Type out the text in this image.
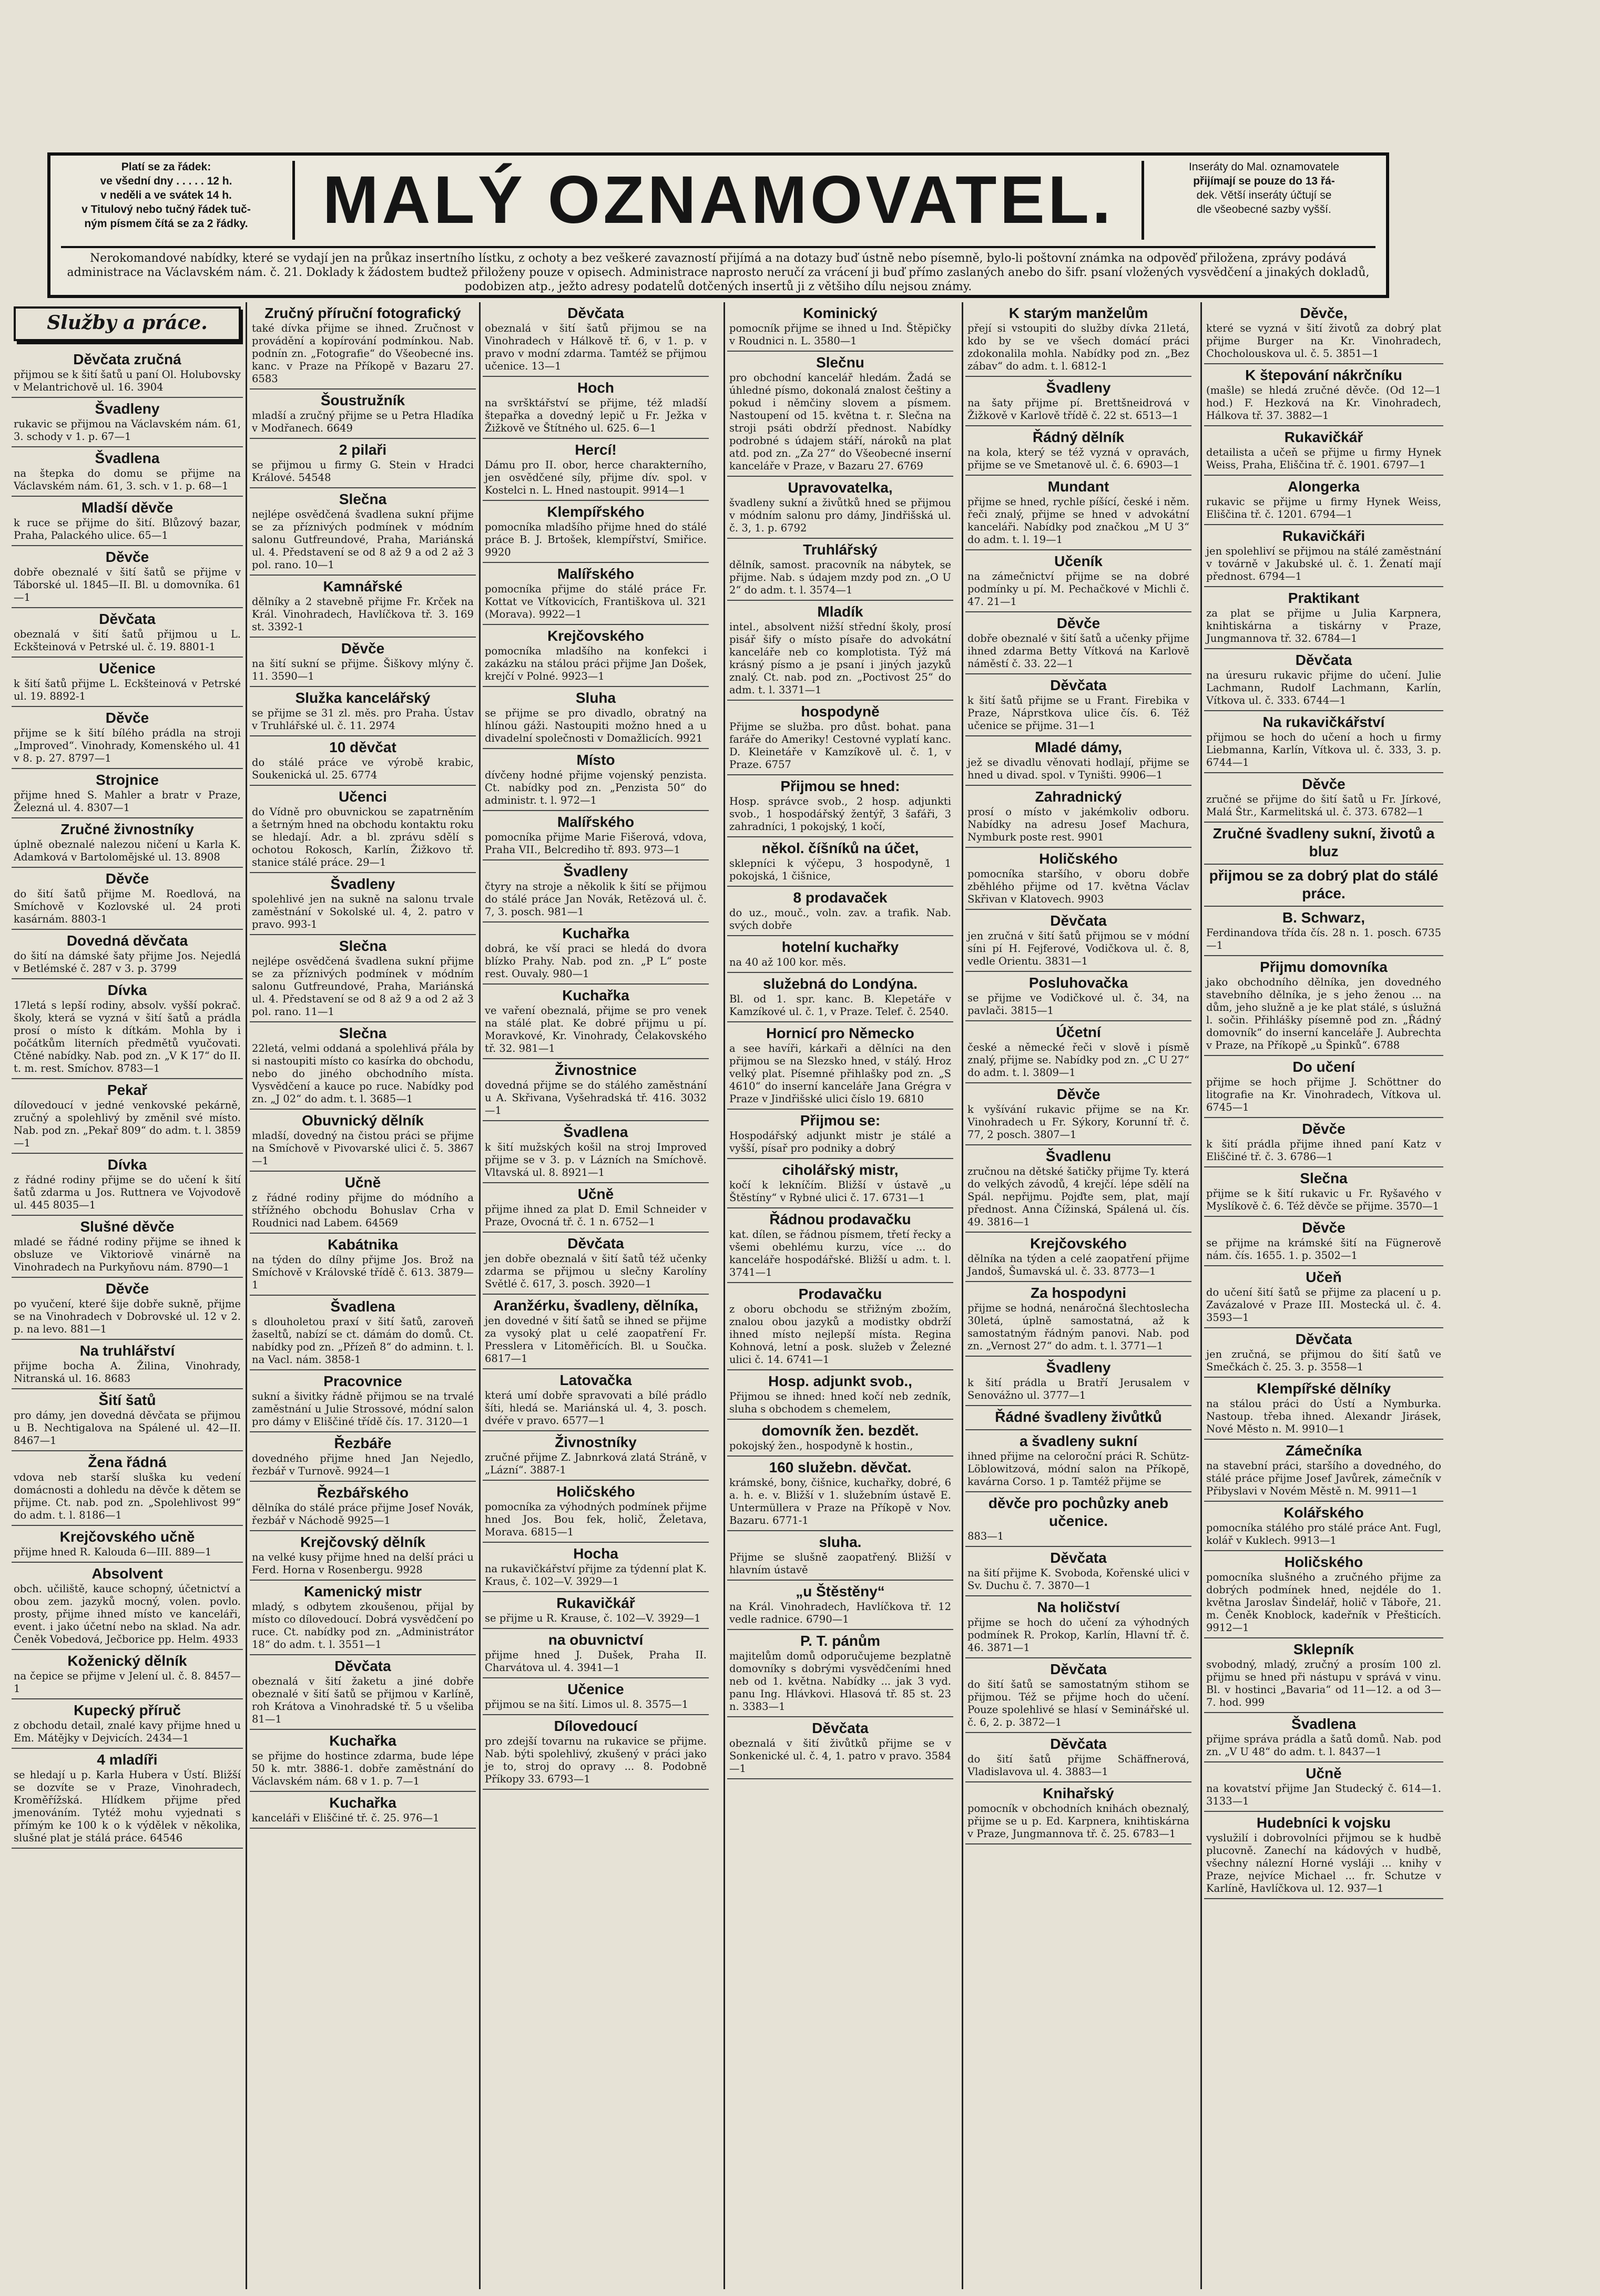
Platí se za řádek:
ve všední dny . . . . . 12 h.
v neděli a ve svátek 14 h.
v Titulový nebo tučný řádek tuč-
ným písmem čítá se za 2 řádky.	MALÝ OZNAMOVATEL.	Inseráty do Mal. oznamovatele
přijímají se pouze do 13 řá-
dek. Větší inseráty účtují se
dle všeobecné sazby vyšší.
Nerokomandové nabídky, které se vydají jen na průkaz insertního lístku, z ochoty a bez veškeré zavazností přijímá a na dotazy buď ústně nebo písemně, bylo-li poštovní známka na odpověď přiložena, zprávy podává administrace na Václavském nám. č. 21. Doklady k žádostem budtež přiloženy pouze v opisech. Administrace naprosto neručí za vrácení ji buď přímo zaslaných anebo do šifr. psaní vložených vysvědčení a jinakých dokladů, podobizen atp., ježto adresy podatelů dotčených insertů ji z většiho dílu nejsou známy.
Služby a práce.
Děvčata zručná

přijmou se k šití šatů u paní Ol. Holubovsky v Melantrichově ul. 16. 3904

Švadleny

rukavic se přijmou na Václavském nám. 61, 3. schody v 1. p. 67—1

Švadlena

na štepka do domu se přijme na Václavském nám. 61, 3. sch. v 1. p. 68—1

Mladší děvče

k ruce se přijme do šití. Blůzový bazar, Praha, Palackého ulice. 65—1

Děvče

dobře obeznalé v šití šatů se přijme v Táborské ul. 1845—II. Bl. u domovníka. 61—1

Děvčata

obeznalá v šití šatů přijmou u L. Eckšteinová v Petrské ul. č. 19. 8801-1

Učenice

k šití šatů přijme L. Eckšteinová v Petrské ul. 19. 8892-1

Děvče

přijme se k šití bílého prádla na stroji „Improved“. Vinohrady, Komenského ul. 41 v 8. p. 27. 8797—1

Strojnice

přijme hned S. Mahler a bratr v Praze, Železná ul. 4. 8307—1

Zručné živnostníky

úplně obeznalé nalezou ničení u Karla K. Adamková v Bartolomějské ul. 13. 8908

Děvče

do šití šatů přijme M. Roedlová, na Smíchově v Kozlovské ul. 24 proti kasárnám. 8803-1

Dovedná děvčata

do šití na dámské šaty přijme Jos. Nejedlá v Betlémské č. 287 v 3. p. 3799

Dívka

17letá s lepší rodiny, absolv. vyšší pokrač. školy, která se vyzná v šití šatů a prádla prosí o místo k dítkám. Mohla by i počátkům literních předmětů vyučovati. Ctěné nabídky. Nab. pod zn. „V K 17“ do II. t. m. rest. Smíchov. 8783—1

Pekař

dílovedoucí v jedné venkovské pekárně, zručný a spolehlivý by změnil své místo. Nab. pod zn. „Pekař 809“ do adm. t. l. 3859—1

Dívka

z řádné rodiny přijme se do učení k šití šatů zdarma u Jos. Ruttnera ve Vojvodově ul. 445 8035—1

Slušné děvče

mladé se řádné rodiny přijme se ihned k obsluze ve Viktoriově vinárně na Vinohradech na Purkyňovu nám. 8790—1

Děvče

po vyučení, které šije dobře sukně, přijme se na Vinohradech v Dobrovské ul. 12 v 2. p. na levo. 881—1

Na truhlářství

přijme bocha A. Žilina, Vinohrady, Nitranská ul. 16. 8683

Šití šatů

pro dámy, jen dovedná děvčata se přijmou u B. Nechtigalova na Spálené ul. 42—II. 8467—1

Žena řádná

vdova neb starší sluška ku vedení domácnosti a dohledu na děvče k dětem se přijme. Ct. nab. pod zn. „Spolehlivost 99“ do adm. t. l. 8186—1

Krejčovského učně

přijme hned R. Kalouda 6—III. 889—1

Absolvent

obch. učiliště, kauce schopný, účetnictví a obou zem. jazyků mocný, volen. povlo. prosty, přijme ihned místo ve kanceláři, event. i jako účetní nebo na sklad. Na adr. Čeněk Vobedová, Ječborice pp. Helm. 4933

Koženický dělník

na čepice se přijme v Jelení ul. č. 8. 8457—1

Kupecký příruč

z obchodu detail, znalé kavy přijme hned u Em. Mátějky v Dejvicích. 2434—1

4 mladíři

se hledají u p. Karla Hubera v Ústí. Bližší se dozvíte se v Praze, Vinohradech, Kroměřížská. Hlídkem přijme před jmenováním. Tytéž mohu vyjednati s přímým ke 100 k o k výdělek v několika, slušné plat je stálá práce. 64546

Zručný příruční fotografický

také dívka přijme se ihned. Zručnost v provádění a kopírování podmínkou. Nab. podnín zn. „Fotografie“ do Všeobecné ins. kanc. v Praze na Příkopě v Bazaru 27. 6583

Šoustružník

mladší a zručný přijme se u Petra Hladíka v Modřanech. 6649

2 pilaři

se přijmou u firmy G. Stein v Hradci Králové. 54548

Slečna

nejlépe osvědčená švadlena sukní přijme se za příznivých podmínek v módním salonu Gutfreundové, Praha, Mariánská ul. 4. Představení se od 8 až 9 a od 2 až 3 pol. rano. 10—1

Kamnářské

dělníky a 2 stavebně přijme Fr. Krček na Král. Vinohradech, Havlíčkova tř. 3. 169 st. 3392-1

Děvče

na šití sukní se přijme. Šiškovy mlýny č. 11. 3590—1

Služka kancelářský

se přijme se 31 zl. měs. pro Praha. Ústav v Truhlářské ul. č. 11. 2974

10 děvčat

do stálé práce ve výrobě krabic, Soukenická ul. 25. 6774

Učenci

do Vídně pro obuvnickou se zapatrněním a šetrným hned na obchodu kontaktu roku se hledají. Adr. a bl. zprávu sdělí s ochotou Rokosch, Karlín, Žižkovo tř. stanice stálé práce. 29—1

Švadleny

spolehlivé jen na sukně na salonu trvale zaměstnání v Sokolské ul. 4, 2. patro v pravo. 993-1

Slečna

nejlépe osvědčená švadlena sukní přijme se za příznivých podmínek v módním salonu Gutfreundové, Praha, Mariánská ul. 4. Představení se od 8 až 9 a od 2 až 3 pol. rano. 11—1

Slečna

22letá, velmi oddaná a spolehlivá přála by si nastoupiti místo co kasírka do obchodu, nebo do jiného obchodního místa. Vysvědčení a kauce po ruce. Nabídky pod zn. „J 02“ do adm. t. l. 3685—1

Obuvnický dělník

mladší, dovedný na čistou práci se přijme na Smíchově v Pivovarské ulici č. 5. 3867—1

Učně

z řádné rodiny přijme do módního a střížného obchodu Bohuslav Crha v Roudnici nad Labem. 64569

Kabátnika

na týden do dílny přijme Jos. Brož na Smíchově v Královské třídě č. 613. 3879—1

Švadlena

s dlouholetou praxí v šití šatů, zaroveň žaseltů, nabízí se ct. dámám do domů. Ct. nabídky pod zn. „Přízeň 8“ do adminn. t. l. na Vacl. nám. 3858-1

Pracovnice

sukní a šivitky řádně přijmou se na trvalé zaměstnání u Julie Strossové, módní salon pro dámy v Eliščiné třídě čís. 17. 3120—1

Řezbáře

dovedného přijme hned Jan Nejedlo, řezbář v Turnově. 9924—1

Řezbářského

dělníka do stálé práce přijme Josef Novák, řezbář v Náchodě 9925—1

Krejčovský dělník

na velké kusy přijme hned na delší práci u Ferd. Horna v Rosenbergu. 9928

Kamenický mistr

mladý, s odbytem zkoušenou, přijal by místo co dílovedoucí. Dobrá vysvědčení po ruce. Ct. nabídky pod zn. „Administrátor 18“ do adm. t. l. 3551—1

Děvčata

obeznalá v šití žaketu a jiné dobře obeznalé v šití šatů se přijmou v Karlíně, roh Krátova a Vinohradské tř. 5 u všeliba 81—1

Kuchařka

se přijme do hostince zdarma, bude lépe 50 k. mtr. 3886-1. dobře zaměstnání do Václavském nám. 68 v 1. p. 7—1

Kuchařka

kanceláři v Eliščiné tř. č. 25. 976—1

Děvčata

obeznalá v šití šatů přijmou se na Vinohradech v Hálkově tř. 6, v 1. p. v pravo v modní zdarma. Tamtéž se přijmou učenice. 13—1

Hoch

na svršktářství se přijme, též mladší štepařka a dovedný lepič u Fr. Ježka v Žižkově ve Štítného ul. 625. 6—1

Hercí!

Dámu pro II. obor, herce charakterního, jen osvědčené síly, přijme dív. spol. v Kostelci n. L. Hned nastoupit. 9914—1

Klempířského

pomocníka mladšího přijme hned do stálé práce B. J. Brtošek, klempířství, Smiřice. 9920

Malířského

pomocníka přijme do stálé práce Fr. Kottat ve Vítkovicích, Františkova ul. 321 (Morava). 9922—1

Krejčovského

pomocníka mladšího na konfekci i zakázku na stálou práci přijme Jan Došek, krejčí v Polné. 9923—1

Sluha

se přijme se pro divadlo, obratný na hlínou gáži. Nastoupiti možno hned a u divadelní společnosti v Domažlicích. 9921

Místo

dívčeny hodné přijme vojenský penzista. Ct. nabídky pod zn. „Penzista 50“ do administr. t. l. 972—1

Malířského

pomocníka přijme Marie Fišerová, vdova, Praha VII., Belcrediho tř. 893. 973—1

Švadleny

čtyry na stroje a několik k šití se přijmou do stálé práce Jan Novák, Retězová ul. č. 7, 3. posch. 981—1

Kuchařka

dobrá, ke vší praci se hledá do dvora blízko Prahy. Nab. pod zn. „P L“ poste rest. Ouvaly. 980—1

Kuchařka

ve vaření obeznalá, přijme se pro venek na stálé plat. Ke dobré přijmu u pí. Moravkové, Kr. Vinohrady, Čelakovského tř. 32. 981—1

Živnostnice

dovedná přijme se do stálého zaměstnání u A. Skřivana, Vyšehradská tř. 416. 3032—1

Švadlena

k šití mužských košil na stroj Improved přijme se v 3. p. v Lázních na Smíchově. Vltavská ul. 8. 8921—1

Učně

přijme ihned za plat D. Emil Schneider v Praze, Ovocná tř. č. 1 n. 6752—1

Děvčata

jen dobře obeznalá v šití šatů též učenky zdarma se přijmou u slečny Karolíny Světlé č. 617, 3. posch. 3920—1

Aranžérku, švadleny, dělníka,

jen dovedné v šití šatů se ihned se přijme za vysoký plat u celé zaopatření Fr. Presslera v Litoměřicích. Bl. u Součka. 6817—1

Latovačka

která umí dobře spravovati a bílé prádlo šíti, hledá se. Mariánská ul. 4, 3. posch. dvéře v pravo. 6577—1

Živnostníky

zručné přijme Z. Jabnrková zlatá Stráně, v „Lázní“. 3887-1

Holičského

pomocníka za výhodných podmínek přijme hned Jos. Bou fek, holič, Želetava, Morava. 6815—1

Hocha

na rukavičkářství přijme za týdenní plat K. Kraus, č. 102—V. 3929—1

Rukavičkář

se přijme u R. Krause, č. 102—V. 3929—1

na obuvnictví

přijme hned J. Dušek, Praha II. Charvátova ul. 4. 3941—1

Učenice

přijmou se na šití. Limos ul. 8. 3575—1

Dílovedoucí

pro zdejší tovarnu na rukavice se přijme. Nab. býti spolehlivý, zkušený v práci jako je to, stroj do opravy ... 8. Podobně Příkopy 33. 6793—1

Kominický

pomocník přijme se ihned u Ind. Štěpičky v Roudnici n. L. 3580—1

Slečnu

pro obchodní kancelář hledám. Žadá se úhledné písmo, dokonalá znalost češtiny a pokud i němčiny slovem a písmem. Nastoupení od 15. května t. r. Slečna na stroji psáti obdrží přednost. Nabídky podrobné s údajem stáří, nároků na plat atd. pod zn. „Za 27“ do Všeobecné inserní kanceláře v Praze, v Bazaru 27. 6769

Upravovatelka,

švadleny sukní a živůtků hned se přijmou v módním salonu pro dámy, Jindřišská ul. č. 3, 1. p. 6792

Truhlářský

dělník, samost. pracovník na nábytek, se přijme. Nab. s údajem mzdy pod zn. „O U 2“ do adm. t. l. 3574—1

Mladík

intel., absolvent nižší střední školy, prosí pisář šify o místo písaře do advokátní kanceláře neb co komplotista. Týž má krásný písmo a je psaní i jiných jazyků znalý. Ct. nab. pod zn. „Poctivost 25“ do adm. t. l. 3371—1

hospodyně

Přijme se služba. pro důst. bohat. pana faráře do Ameriky! Cestovné vyplatí kanc. D. Kleinetáře v Kamzíkově ul. č. 1, v Praze. 6757

Přijmou se hned:

Hosp. správce svob., 2 hosp. adjunkti svob., 1 hospodářský žentýř, 3 šafáři, 3 zahradníci, 1 pokojský, 1 kočí,

někol. číšníků na účet,

sklepníci k výčepu, 3 hospodyně, 1 pokojská, 1 čišnice,

8 prodavaček

do uz., mouč., voln. zav. a trafik. Nab. svých dobře

hotelní kuchařky

na 40 až 100 kor. měs.

služebná do Londýna.

Bl. od 1. spr. kanc. B. Klepetáře v Kamzíkové ul. č. 1, v Praze. Telef. č. 2540.

Hornicí pro Německo

a see havíři, kárkaři a dělníci na den přijmou se na Slezsko hned, v stálý. Hroz velký plat. Písemné přihlašky pod zn. „S 4610“ do inserní kanceláře Jana Grégra v Praze v Jindřišské ulici číslo 19. 6810

Přijmou se:

Hospodářský adjunkt mistr je stálé a vyšší, písař pro podniky a dobrý

ciholářský mistr,

kočí k lekníčím. Bližší v ústavě „u Štěstíny“ v Rybné ulici č. 17. 6731—1

Řádnou prodavačku

kat. dílen, se řádnou písmem, třetí řecky a všemi obehlému kurzu, více ... do kanceláře hospodářské. Bližší u adm. t. l. 3741—1

Prodavačku

z oboru obchodu se střižným zbožím, znalou obou jazyků a modistky obdrží ihned místo nejlepší místa. Regina Kohnová, letní a posk. služeb v Železné ulici č. 14. 6741—1

Hosp. adjunkt svob.,

Přijmou se ihned: hned kočí neb zedník, sluha s obchodem s chemelem,

domovník žen. bezdět.

pokojský žen., hospodyně k hostin.,

160 služebn. děvčat.

krámské, bony, čišnice, kuchařky, dobré, 6 a. h. e. v. Bližší v 1. služebním ústavě E. Untermüllera v Praze na Příkopě v Nov. Bazaru. 6771-1

sluha.

Přijme se slušně zaopatřený. Bližší v hlavním ústavě

„u Štěstěny“

na Král. Vinohradech, Havlíčkova tř. 12 vedle radnice. 6790—1

P. T. pánům

majitelům domů odporučujeme bezplatně domovníky s dobrými vysvědčeními hned neb od 1. května. Nabídky ... jak 3 vyd. panu Ing. Hlávkovi. Hlasová tř. 85 st. 23 n. 3383—1

Děvčata

obeznalá v šití živůtků přijme se v Sonkenické ul. č. 4, 1. patro v pravo. 3584—1

K starým manželům

přejí si vstoupiti do služby dívka 21letá, kdo by se ve všech domácí práci zdokonalila mohla. Nabídky pod zn. „Bez zábav“ do adm. t. l. 6812-1

Švadleny

na šaty přijme pí. Brettšneidrová v Žižkově v Karlově třídě č. 22 st. 6513—1

Řádný dělník

na kola, který se též vyzná v opravách, přijme se ve Smetanově ul. č. 6. 6903—1

Mundant

přijme se hned, rychle píšící, české i něm. řeči znalý, přijme se hned v advokátní kanceláři. Nabídky pod značkou „M U 3“ do adm. t. l. 19—1

Učeník

na zámečnictví přijme se na dobré podmínky u pí. M. Pechačkové v Michli č. 47. 21—1

Děvče

dobře obeznalé v šití šatů a učenky přijme ihned zdarma Betty Vítková na Karlově náměstí č. 33. 22—1

Děvčata

k šití šatů přijme se u Frant. Firebika v Praze, Náprstkova ulice čís. 6. Též učenice se přijme. 31—1

Mladé dámy,

jež se divadlu věnovati hodlají, přijme se hned u divad. spol. v Tyništi. 9906—1

Zahradnický

prosí o místo v jakémkoliv odboru. Nabídky na adresu Josef Machura, Nymburk poste rest. 9901

Holičského

pomocníka staršího, v oboru dobře zběhlého přijme od 17. května Václav Skřivan v Klatovech. 9903

Děvčata

jen zručná v šití šatů přijmou se v módní síni pí H. Fejferové, Vodičkova ul. č. 8, vedle Orientu. 3831—1

Posluhovačka

se přijme ve Vodičkové ul. č. 34, na pavlači. 3815—1

Účetní

české a německé řeči v slově i písmě znalý, přijme se. Nabídky pod zn. „C U 27“ do adm. t. l. 3809—1

Děvče

k vyšívání rukavic přijme se na Kr. Vinohradech u Fr. Sýkory, Korunní tř. č. 77, 2 posch. 3807—1

Švadlenu

zručnou na dětské šatičky přijme Ty. která do velkých závodů, 4 krejčí. lépe sdělí na Spál. nepřijmu. Pojďte sem, plat, mají přednost. Anna Čížinská, Spálená ul. čís. 49. 3816—1

Krejčovského

dělníka na týden a celé zaopatření přijme Jandoš, Šumavská ul. č. 33. 8773—1

Za hospodyni

přijme se hodná, nenáročná šlechtoslecha 30letá, úplně samostatná, až k samostatným řádným panovi. Nab. pod zn. „Vernost 27“ do adm. t. l. 3771—1

Švadleny

k šití prádla u Bratří Jerusalem v Senovážno ul. 3777—1

Řádné švadleny živůtků
a švadleny sukní

ihned přijme na celoroční práci R. Schütz-Löblowitzová, módní salon na Příkopě, kavárna Corso. 1 p. Tamtéž přijme se

děvče pro pochůzky aneb učenice.

883—1

Děvčata

na šití přijme K. Svoboda, Kořenské ulici v Sv. Duchu č. 7. 3870—1

Na holičství

přijme se hoch do učení za výhodných podmínek R. Prokop, Karlín, Hlavní tř. č. 46. 3871—1

Děvčata

do šití šatů se samostatným stihom se přijmou. Též se přijme hoch do učení. Pouze spolehlivé se hlasí v Seminářské ul. č. 6, 2. p. 3872—1

Děvčata

do šití šatů přijme Schäffnerová, Vladislavova ul. 4. 3883—1

Knihařský

pomocník v obchodních knihách obeznalý, přijme se u p. Ed. Karpnera, knihtiskárna v Praze, Jungmannova tř. č. 25. 6783—1

Děvče,

které se vyzná v šití životů za dobrý plat přijme Burger na Kr. Vinohradech, Chocholouskova ul. č. 5. 3851—1

K štepování nákrčníku

(mašle) se hledá zručné děvče. (Od 12—1 hod.) F. Hezková na Kr. Vinohradech, Hálkova tř. 37. 3882—1

Rukavičkář

detailista a učeň se přijme u firmy Hynek Weiss, Praha, Eliščina tř. č. 1901. 6797—1

Alongerka

rukavic se přijme u firmy Hynek Weiss, Eliščina tř. č. 1201. 6794—1

Rukavičkáři

jen spolehliví se přijmou na stálé zaměstnání v továrně v Jakubské ul. č. 1. Ženatí mají přednost. 6794—1

Praktikant

za plat se přijme u Julia Karpnera, knihtiskárna a tiskárny v Praze, Jungmannova tř. 32. 6784—1

Děvčata

na úresuru rukavic přijme do učení. Julie Lachmann, Rudolf Lachmann, Karlín, Vítkova ul. č. 333. 6744—1

Na rukavičkářství

přijmou se hoch do učení a hoch u firmy Liebmanna, Karlín, Vítkova ul. č. 333, 3. p. 6744—1

Děvče

zručné se přijme do šití šatů u Fr. Jírkové, Malá Štr., Karmelitská ul. č. 373. 6782—1

Zručné švadleny sukní, životů a bluz
přijmou se za dobrý plat do stálé práce.
B. Schwarz,

Ferdinandova třída čís. 28 n. 1. posch. 6735—1

Přijmu domovníka

jako obchodního dělníka, jen dovedného stavebního dělníka, je s jeho ženou ... na dům, jeho služně a je ke plat stálé, s úslužná l. sočin. Přihlášky písemně pod zn. „Řádný domovník“ do inserní kanceláře J. Aubrechta v Praze, na Příkopě „u Špinků“. 6788

Do učení

přijme se hoch přijme J. Schöttner do litografie na Kr. Vinohradech, Vítkova ul. 6745—1

Děvče

k šití prádla přijme ihned paní Katz v Eliščiné tř. č. 3. 6786—1

Slečna

přijme se k šití rukavic u Fr. Ryšavého v Myslíkově č. 6. Též děvče se přijme. 3570—1

Děvče

se přijme na krámské šití na Fügnerově nám. čís. 1655. 1. p. 3502—1

Učeň

do učení šití šatů se přijme za placení u p. Zavázalové v Praze III. Mostecká ul. č. 4. 3593—1

Děvčata

jen zručná, se přijmou do šití šatů ve Smečkách č. 25. 3. p. 3558—1

Klempířské dělníky

na stálou práci do Ústí a Nymburka. Nastoup. třeba ihned. Alexandr Jirásek, Nové Město n. M. 9910—1

Zámečníka

na stavební práci, staršího a dovedného, do stálé práce přijme Josef Javůrek, zámečník v Přibyslavi v Novém Městě n. M. 9911—1

Kolářského

pomocníka stálého pro stálé práce Ant. Fugl, kolář v Kuklech. 9913—1

Holičského

pomocníka slušného a zručného přijme za dobrých podmínek hned, nejdéle do 1. května Jaroslav Šindelář, holič v Táboře, 21. m. Čeněk Knoblock, kadeřník v Přešticích. 9912—1

Sklepník

svobodný, mladý, zručný a prosím 100 zl. přijmu se hned při nástupu v správá v vinu. Bl. v hostinci „Bavaria“ od 11—12. a od 3—7. hod. 999

Švadlena

přijme správa prádla a šatů domů. Nab. pod zn. „V U 48“ do adm. t. l. 8437—1

Učně

na kovatství přijme Jan Studecký č. 614—1. 3133—1

Hudebníci k vojsku

vyslužilí i dobrovolníci přijmou se k hudbě plucovně. Zanechí na kádových v hudbě, všechny nálezní Horné vysláji ... knihy v Praze, nejvíce Michael ... fr. Schutze v Karlíně, Havlíčkova ul. 12. 937—1
